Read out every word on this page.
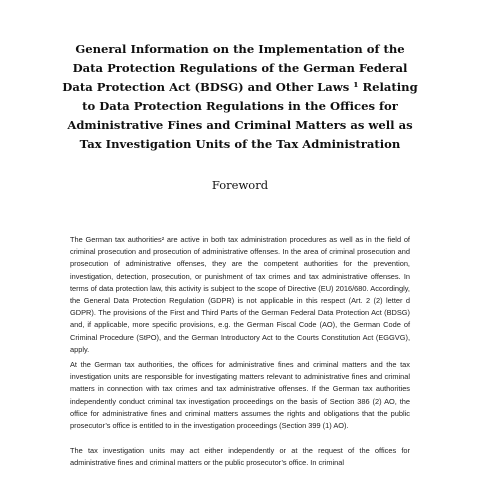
General Information on the Implementation of the Data Protection Regulations of the German Federal Data Protection Act (BDSG) and Other Laws ¹ Relating to Data Protection Regulations in the Offices for Administrative Fines and Criminal Matters as well as Tax Investigation Units of the Tax Administration
Foreword

The German tax authorities² are active in both tax administration procedures as well as in the field of criminal prosecution and prosecution of administrative offenses. In the area of criminal prosecution and prosecution of administrative offenses, they are the competent authorities for the prevention, investigation, detection, prosecution, or punishment of tax crimes and tax administrative offenses. In terms of data protection law, this activity is subject to the scope of Directive (EU) 2016/680. Accordingly, the General Data Protection Regulation (GDPR) is not applicable in this respect (Art. 2 (2) letter d GDPR). The provisions of the First and Third Parts of the German Federal Data Protection Act (BDSG) and, if applicable, more specific provisions, e.g. the German Fiscal Code (AO), the German Code of Criminal Procedure (StPO), and the German Introductory Act to the Courts Constitution Act (EGGVG), apply.

At the German tax authorities, the offices for administrative fines and criminal matters and the tax investigation units are responsible for investigating matters relevant to administrative fines and criminal matters in connection with tax crimes and tax administrative offenses. If the German tax authorities independently conduct criminal tax investigation proceedings on the basis of Section 386 (2) AO, the office for administrative fines and criminal matters assumes the rights and obligations that the public prosecutor’s office is entitled to in the investigation proceedings (Section 399 (1) AO).

The tax investigation units may act either independently or at the request of the offices for administrative fines and criminal matters or the public prosecutor’s office. In criminal
